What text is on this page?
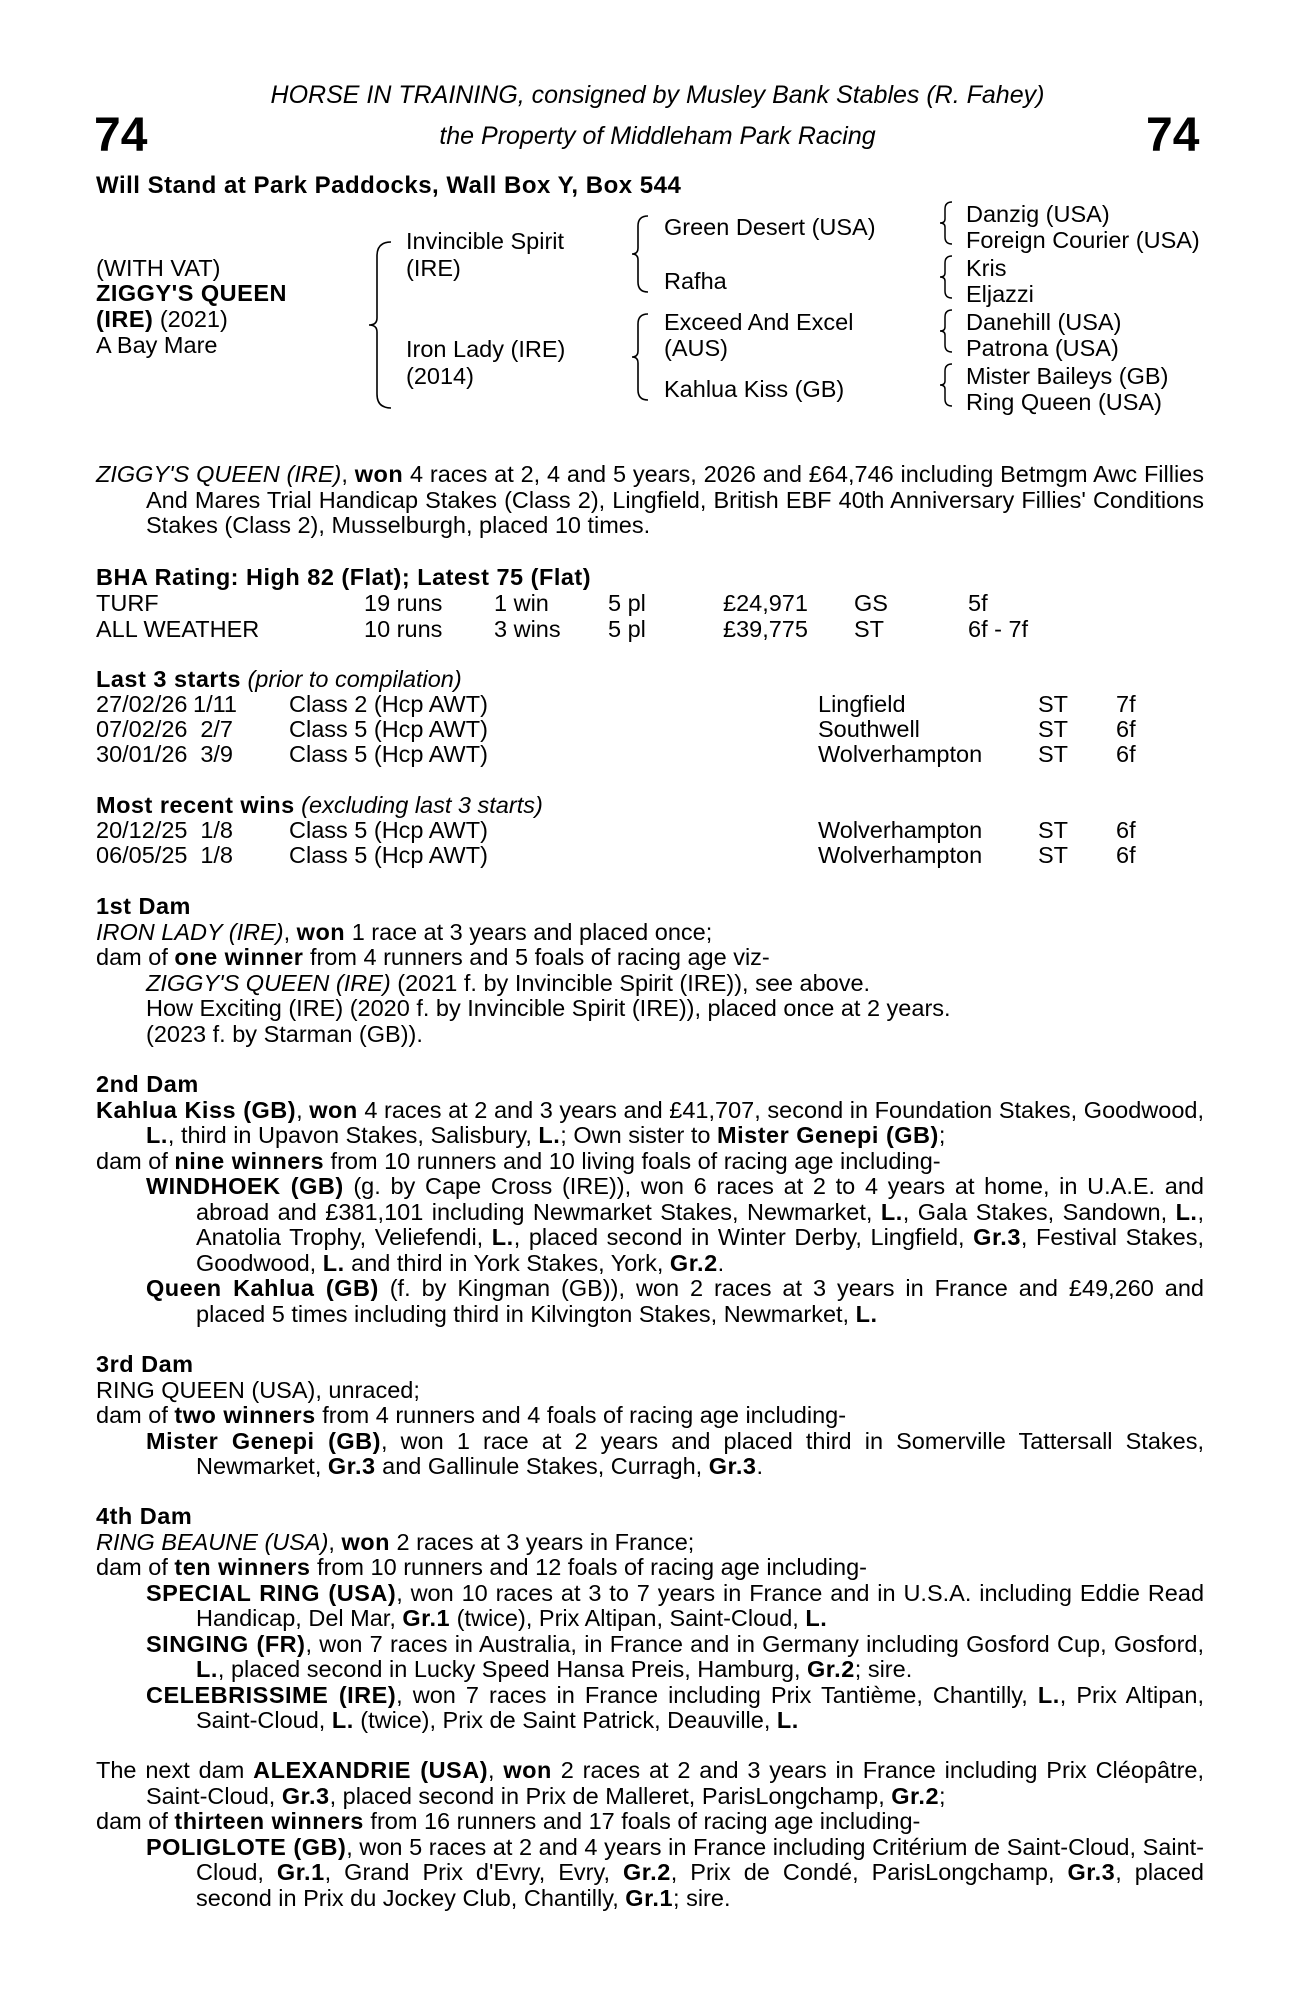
74	74
HORSE IN TRAINING, consigned by Musley Bank Stables (R. Fahey)
the Property of Middleham Park Racing
Will Stand at Park Paddocks, Wall Box Y, Box 544
(WITH VAT)
ZIGGY'S QUEEN
(IRE) (2021)
A Bay Mare
Invincible Spirit
(IRE)
Iron Lady (IRE)
(2014)
Green Desert (USA)
Rafha
Exceed And Excel
(AUS)
Kahlua Kiss (GB)
Danzig (USA)
Foreign Courier (USA)
Kris
Eljazzi
Danehill (USA)
Patrona (USA)
Mister Baileys (GB)
Ring Queen (USA)

ZIGGY'S QUEEN (IRE), won 4 races at 2, 4 and 5 years, 2026 and £64,746 including Betmgm Awc Fillies And Mares Trial Handicap Stakes (Class 2), Lingfield, British EBF 40th Anniversary Fillies' Conditions Stakes (Class 2), Musselburgh, placed 10 times.

BHA Rating: High 82 (Flat); Latest 75 (Flat)
TURF	19 runs 1 win	5 pl	£24,971 GS	5f
ALL WEATHER	10 runs 3 wins 5 pl	£39,775 ST	6f - 7f
Last 3 starts (prior to compilation)
27/02/26 1/11 Class 2 (Hcp AWT)	Lingfield	ST 7f
07/02/26 2/7 Class 5 (Hcp AWT)	Southwell	ST 6f
30/01/26 3/9 Class 5 (Hcp AWT)	Wolverhampton ST 6f
Most recent wins (excluding last 3 starts)
20/12/25 1/8 Class 5 (Hcp AWT)	Wolverhampton ST 6f
06/05/25 1/8 Class 5 (Hcp AWT)	Wolverhampton ST 6f

1st Dam

IRON LADY (IRE), won 1 race at 3 years and placed once;

dam of one winner from 4 runners and 5 foals of racing age viz-

ZIGGY'S QUEEN (IRE) (2021 f. by Invincible Spirit (IRE)), see above.

How Exciting (IRE) (2020 f. by Invincible Spirit (IRE)), placed once at 2 years.

(2023 f. by Starman (GB)).

2nd Dam

Kahlua Kiss (GB), won 4 races at 2 and 3 years and £41,707, second in Foundation Stakes, Goodwood, L., third in Upavon Stakes, Salisbury, L.; Own sister to Mister Genepi (GB);

dam of nine winners from 10 runners and 10 living foals of racing age including-

WINDHOEK (GB) (g. by Cape Cross (IRE)), won 6 races at 2 to 4 years at home, in U.A.E. and abroad and £381,101 including Newmarket Stakes, Newmarket, L., Gala Stakes, Sandown, L., Anatolia Trophy, Veliefendi, L., placed second in Winter Derby, Lingfield, Gr.3, Festival Stakes, Goodwood, L. and third in York Stakes, York, Gr.2.

Queen Kahlua (GB) (f. by Kingman (GB)), won 2 races at 3 years in France and £49,260 and placed 5 times including third in Kilvington Stakes, Newmarket, L.

3rd Dam

RING QUEEN (USA), unraced;

dam of two winners from 4 runners and 4 foals of racing age including-

Mister Genepi (GB), won 1 race at 2 years and placed third in Somerville Tattersall Stakes, Newmarket, Gr.3 and Gallinule Stakes, Curragh, Gr.3.

4th Dam

RING BEAUNE (USA), won 2 races at 3 years in France;

dam of ten winners from 10 runners and 12 foals of racing age including-

SPECIAL RING (USA), won 10 races at 3 to 7 years in France and in U.S.A. including Eddie Read Handicap, Del Mar, Gr.1 (twice), Prix Altipan, Saint-Cloud, L.

SINGING (FR), won 7 races in Australia, in France and in Germany including Gosford Cup, Gosford, L., placed second in Lucky Speed Hansa Preis, Hamburg, Gr.2; sire.

CELEBRISSIME (IRE), won 7 races in France including Prix Tantième, Chantilly, L., Prix Altipan, Saint-Cloud, L. (twice), Prix de Saint Patrick, Deauville, L.

The next dam ALEXANDRIE (USA), won 2 races at 2 and 3 years in France including Prix Cléopâtre, Saint-Cloud, Gr.3, placed second in Prix de Malleret, ParisLongchamp, Gr.2;

dam of thirteen winners from 16 runners and 17 foals of racing age including-

POLIGLOTE (GB), won 5 races at 2 and 4 years in France including Critérium de Saint-Cloud, Saint-Cloud, Gr.1, Grand Prix d'Evry, Evry, Gr.2, Prix de Condé, ParisLongchamp, Gr.3, placed second in Prix du Jockey Club, Chantilly, Gr.1; sire.
